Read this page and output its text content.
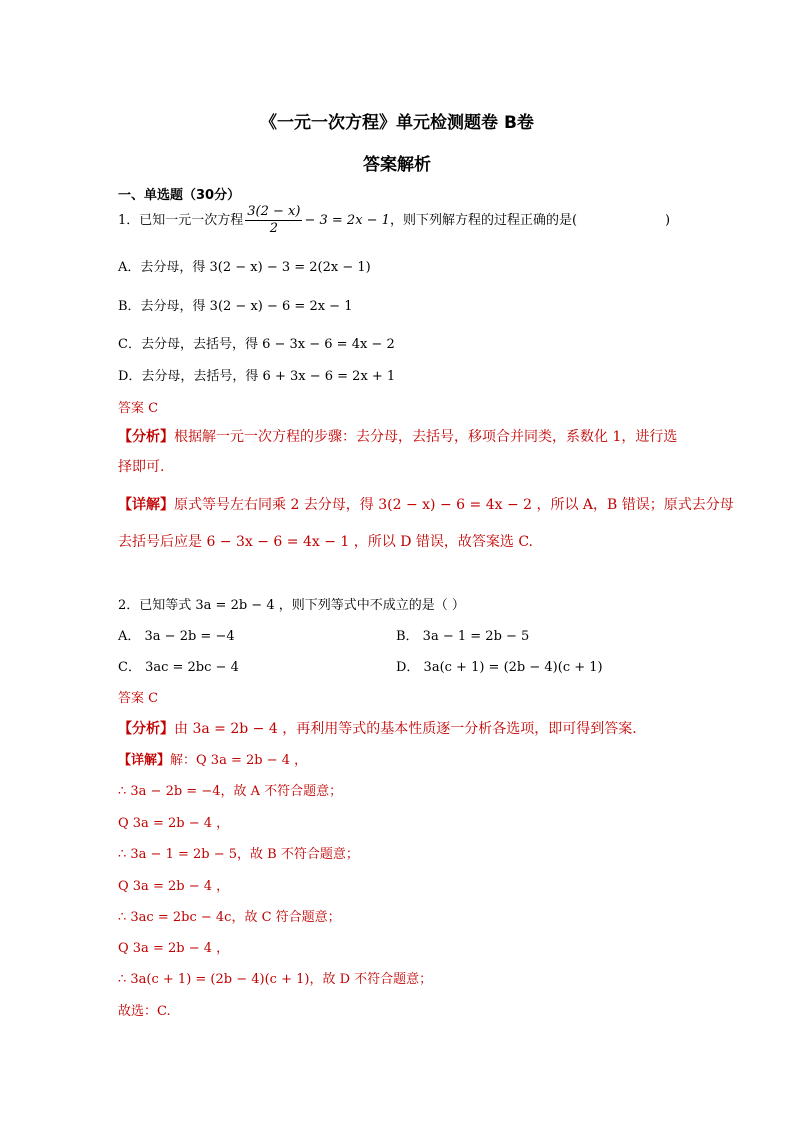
《一元一次方程》单元检测题卷 B卷
答案解析
一、单选题（30分）
1．已知一元一次方程 $\frac{3(2 - x)}{2} - 3 = 2x - 1$，则下列解方程的过程正确的是(	)
A．去分母，得 3(2 − x) − 3 = 2(2x − 1)
B．去分母，得 3(2 − x) − 6 = 2x − 1
C．去分母，去括号，得 6 − 3x − 6 = 4x − 2
D．去分母，去括号，得 6 + 3x − 6 = 2x + 1
答案 C
【分析】根据解一元一次方程的步骤：去分母，去括号，移项合并同类，系数化 1，进行选
择即可.
【详解】原式等号左右同乘 2 去分母，得 3(2 − x) − 6 = 4x − 2 ，所以 A，B 错误；原式去分母
去括号后应是 6 − 3x − 6 = 4x − 1 ，所以 D 错误，故答案选 C.
2．已知等式 3a = 2b − 4 ，则下列等式中不成立的是（ ）
A． 3a − 2b = −4	B． 3a − 1 = 2b − 5
C． 3ac = 2bc − 4	D． 3a(c + 1) = (2b − 4)(c + 1)
答案 C
【分析】由 3a = 2b − 4 ，再利用等式的基本性质逐一分析各选项，即可得到答案.
【详解】解：Q 3a = 2b − 4 ，
∴ 3a − 2b = −4，故 A 不符合题意；
Q 3a = 2b − 4 ，
∴ 3a − 1 = 2b − 5，故 B 不符合题意；
Q 3a = 2b − 4 ，
∴ 3ac = 2bc − 4c，故 C 符合题意；
Q 3a = 2b − 4 ，
∴ 3a(c + 1) = (2b − 4)(c + 1)，故 D 不符合题意；
故选：C.
